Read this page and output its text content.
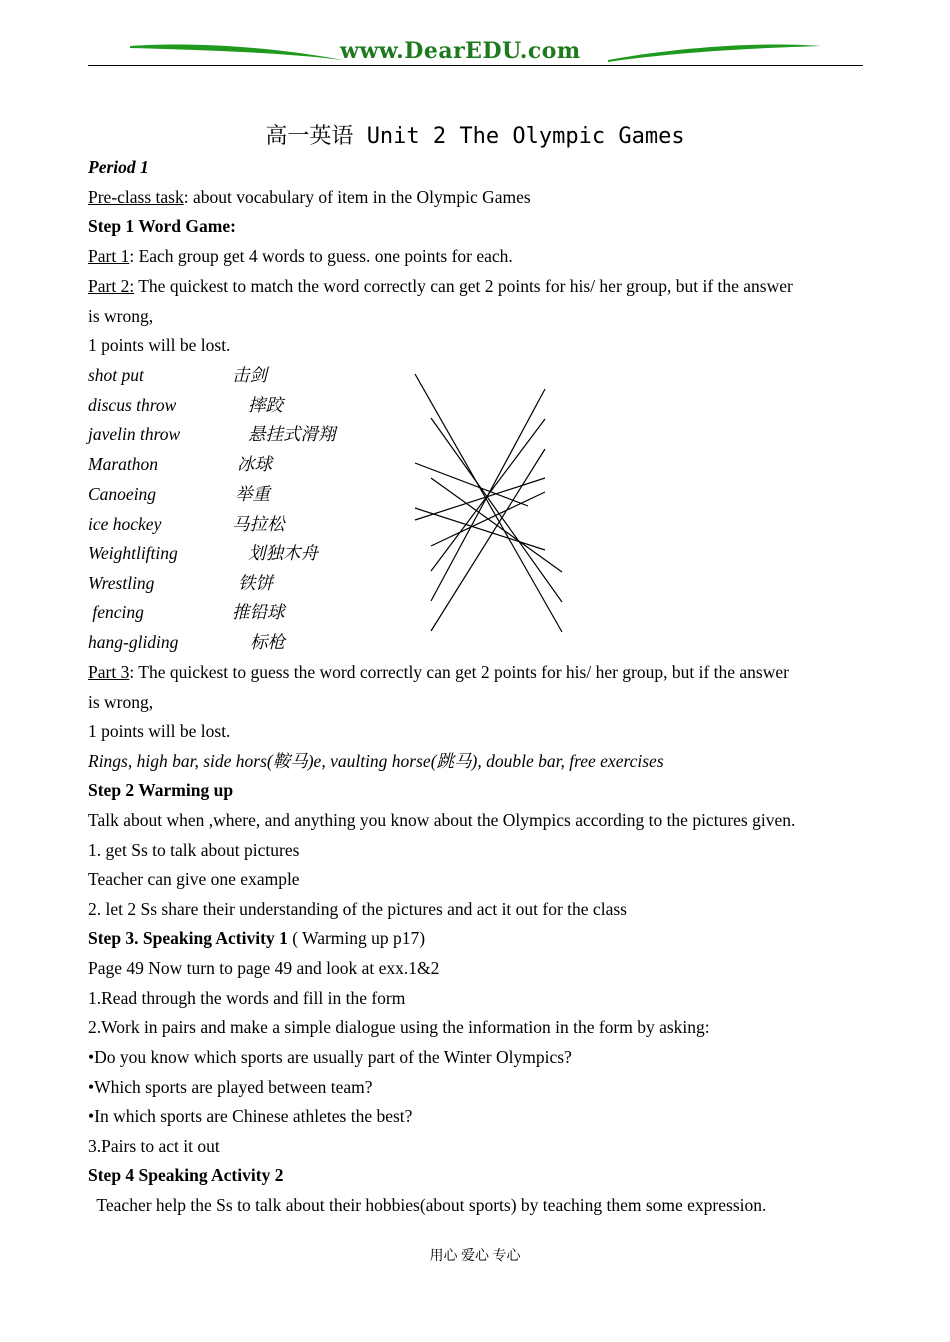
www.DearEDU.com
高一英语 Unit 2 The Olympic Games
Period 1
Pre-class task: about vocabulary of item in the Olympic Games
Step 1 Word Game:
Part 1: Each group get 4 words to guess. one points for each.
Part 2: The quickest to match the word correctly can get 2 points for his/ her group, but if the answer
is wrong,
1 points will be lost.
shot put	击剑
discus throw	摔跤
javelin throw	悬挂式滑翔
Marathon	冰球
Canoeing	举重
ice hockey	马拉松
Weightlifting	划独木舟
Wrestling	铁饼
fencing	推铅球
hang-gliding	标枪
Part 3: The quickest to guess the word correctly can get 2 points for his/ her group, but if the answer
is wrong,
1 points will be lost.
Rings, high bar, side hors(鞍马)e, vaulting horse(跳马), double bar, free exercises
Step 2 Warming up
Talk about when ,where, and anything you know about the Olympics according to the pictures given.
1. get Ss to talk about pictures
Teacher can give one example
2. let 2 Ss share their understanding of the pictures and act it out for the class
Step 3. Speaking Activity 1 ( Warming up p17)
Page 49 Now turn to page 49 and look at exx.1&2
1.Read through the words and fill in the form
2.Work in pairs and make a simple dialogue using the information in the form by asking:
•Do you know which sports are usually part of the Winter Olympics?
•Which sports are played between team?
•In which sports are Chinese athletes the best?
3.Pairs to act it out
Step 4 Speaking Activity 2
Teacher help the Ss to talk about their hobbies(about sports) by teaching them some expression.
用心 爱心 专心
